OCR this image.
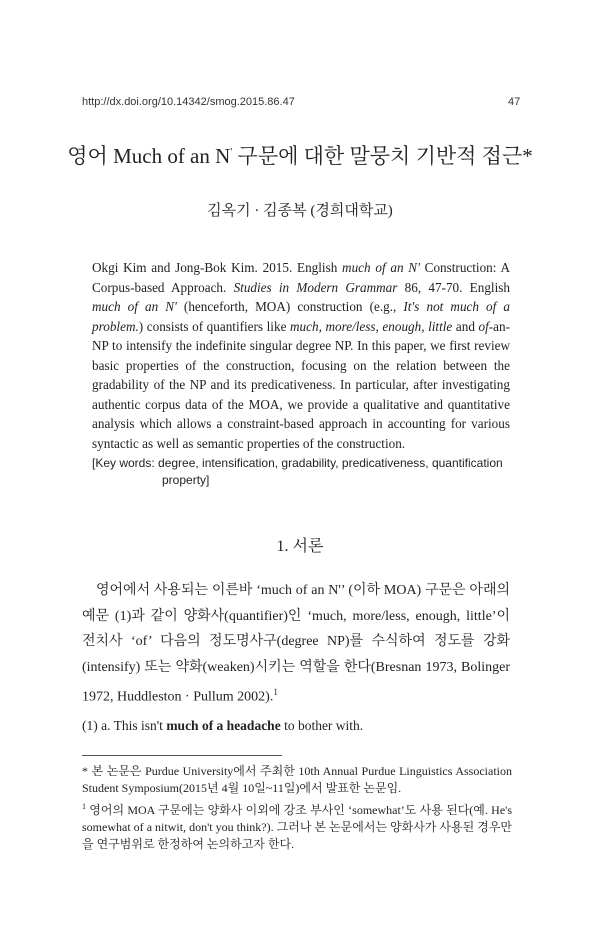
http://dx.doi.org/10.14342/smog.2015.86.47	47
영어 Much of an N' 구문에 대한 말뭉치 기반적 접근*
김옥기 · 김종복 (경희대학교)

Okgi Kim and Jong-Bok Kim. 2015. English much of an N' Construction: A Corpus-based Approach. Studies in Modern Grammar 86, 47-70. English much of an N' (henceforth, MOA) construction (e.g., It's not much of a problem.) consists of quantifiers like much, more/less, enough, little and of-an-NP to intensify the indefinite singular degree NP. In this paper, we first review basic properties of the construction, focusing on the relation between the gradability of the NP and its predicativeness. In particular, after investigating authentic corpus data of the MOA, we provide a qualitative and quantitative analysis which allows a constraint-based approach in accounting for various syntactic as well as semantic properties of the construction.

[Key words: degree, intensification, gradability, predicativeness, quantification
property]
1. 서론

영어에서 사용되는 이른바 ‘much of an N'’ (이하 MOA) 구문은 아래의 예문 (1)과 같이 양화사(quantifier)인 ‘much, more/less, enough, little’이 전치사 ‘of’ 다음의 정도명사구(degree NP)를 수식하여 정도를 강화(intensify) 또는 약화(weaken)시키는 역할을 한다(Bresnan 1973, Bolinger 1972, Huddleston · Pullum 2002).$^1$

(1) a. This isn't much of a headache to bother with.

* 본 논문은 Purdue University에서 주최한 10th Annual Purdue Linguistics Association Student Symposium(2015년 4월 10일~11일)에서 발표한 논문임.

$^1$ 영어의 MOA 구문에는 양화사 이외에 강조 부사인 ‘somewhat’도 사용 된다(예. He's somewhat of a nitwit, don't you think?). 그러나 본 논문에서는 양화사가 사용된 경우만을 연구범위로 한정하여 논의하고자 한다.
